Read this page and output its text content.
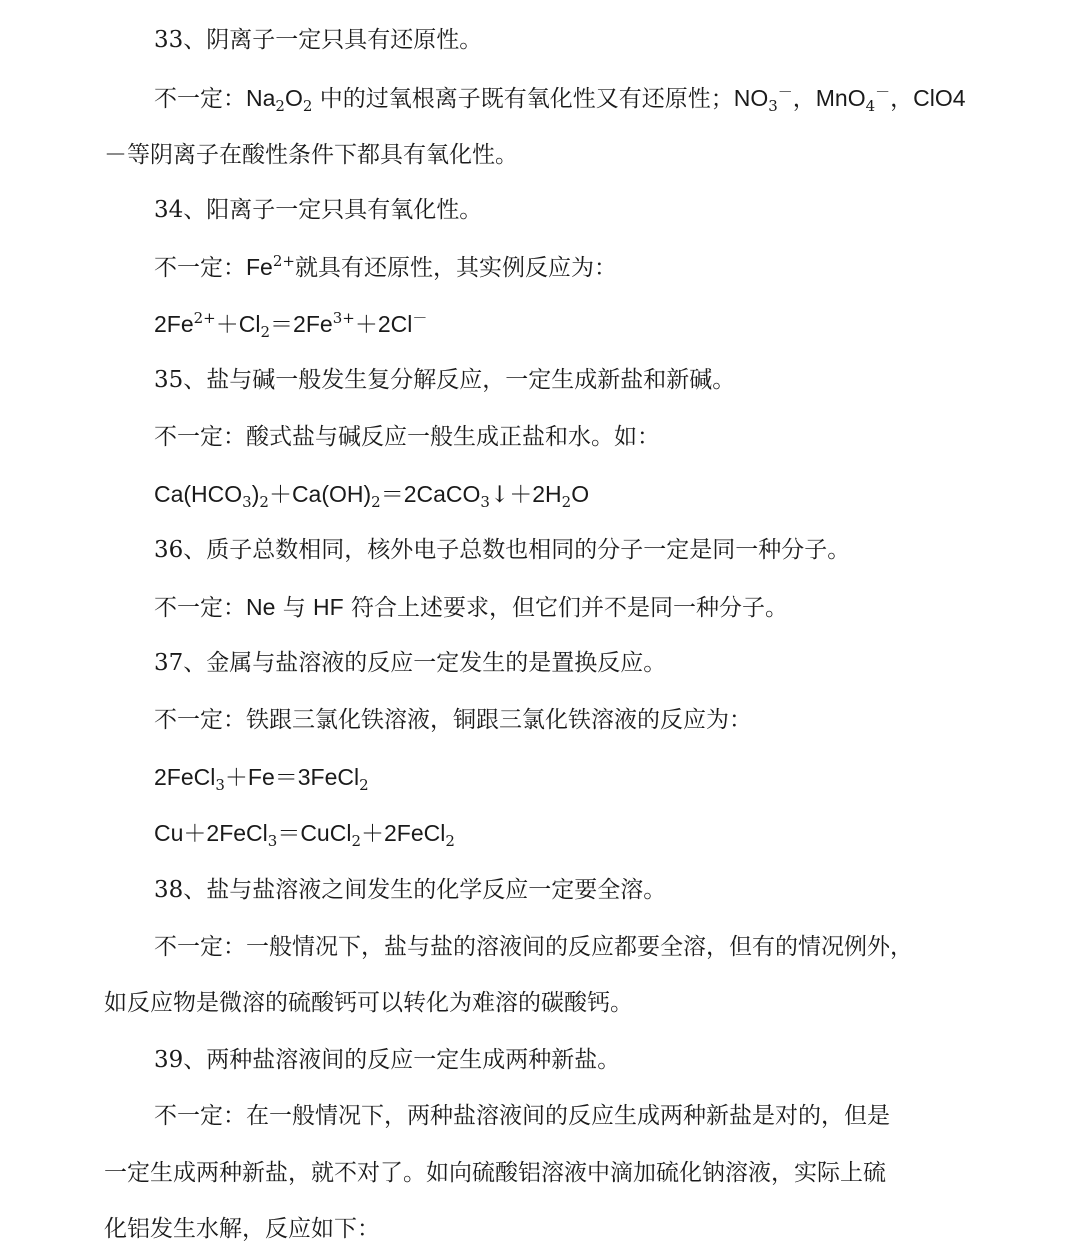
33、阴离子一定只具有还原性。
不一定：$Na_2O_2$ 中的过氧根离子既有氧化性又有还原性；$NO_3^-$，MnO$_4$－，ClO4
－等阴离子在酸性条件下都具有氧化性。
34、阳离子一定只具有氧化性。
不一定：$Fe^{2+}$就具有还原性，其实例反应为：
$2Fe^{2+}+Cl_2=2Fe^{3+}+2Cl^-$
35、盐与碱一般发生复分解反应，一定生成新盐和新碱。
不一定：酸式盐与碱反应一般生成正盐和水。如：
$Ca(HCO_3)_2+Ca(OH)_2=2CaCO_3↓+2H_2O$
36、质子总数相同，核外电子总数也相同的分子一定是同一种分子。
不一定：Ne 与 HF 符合上述要求，但它们并不是同一种分子。
37、金属与盐溶液的反应一定发生的是置换反应。
不一定：铁跟三氯化铁溶液，铜跟三氯化铁溶液的反应为：
2FeCl$_3$＋Fe＝3FeCl$_2$
Cu＋2FeCl$_3$＝CuCl$_2$＋2FeCl$_2$
38、盐与盐溶液之间发生的化学反应一定要全溶。
不一定：一般情况下，盐与盐的溶液间的反应都要全溶，但有的情况例外，
如反应物是微溶的硫酸钙可以转化为难溶的碳酸钙。
39、两种盐溶液间的反应一定生成两种新盐。
不一定：在一般情况下，两种盐溶液间的反应生成两种新盐是对的，但是
一定生成两种新盐，就不对了。如向硫酸铝溶液中滴加硫化钠溶液，实际上硫
化铝发生水解，反应如下：
